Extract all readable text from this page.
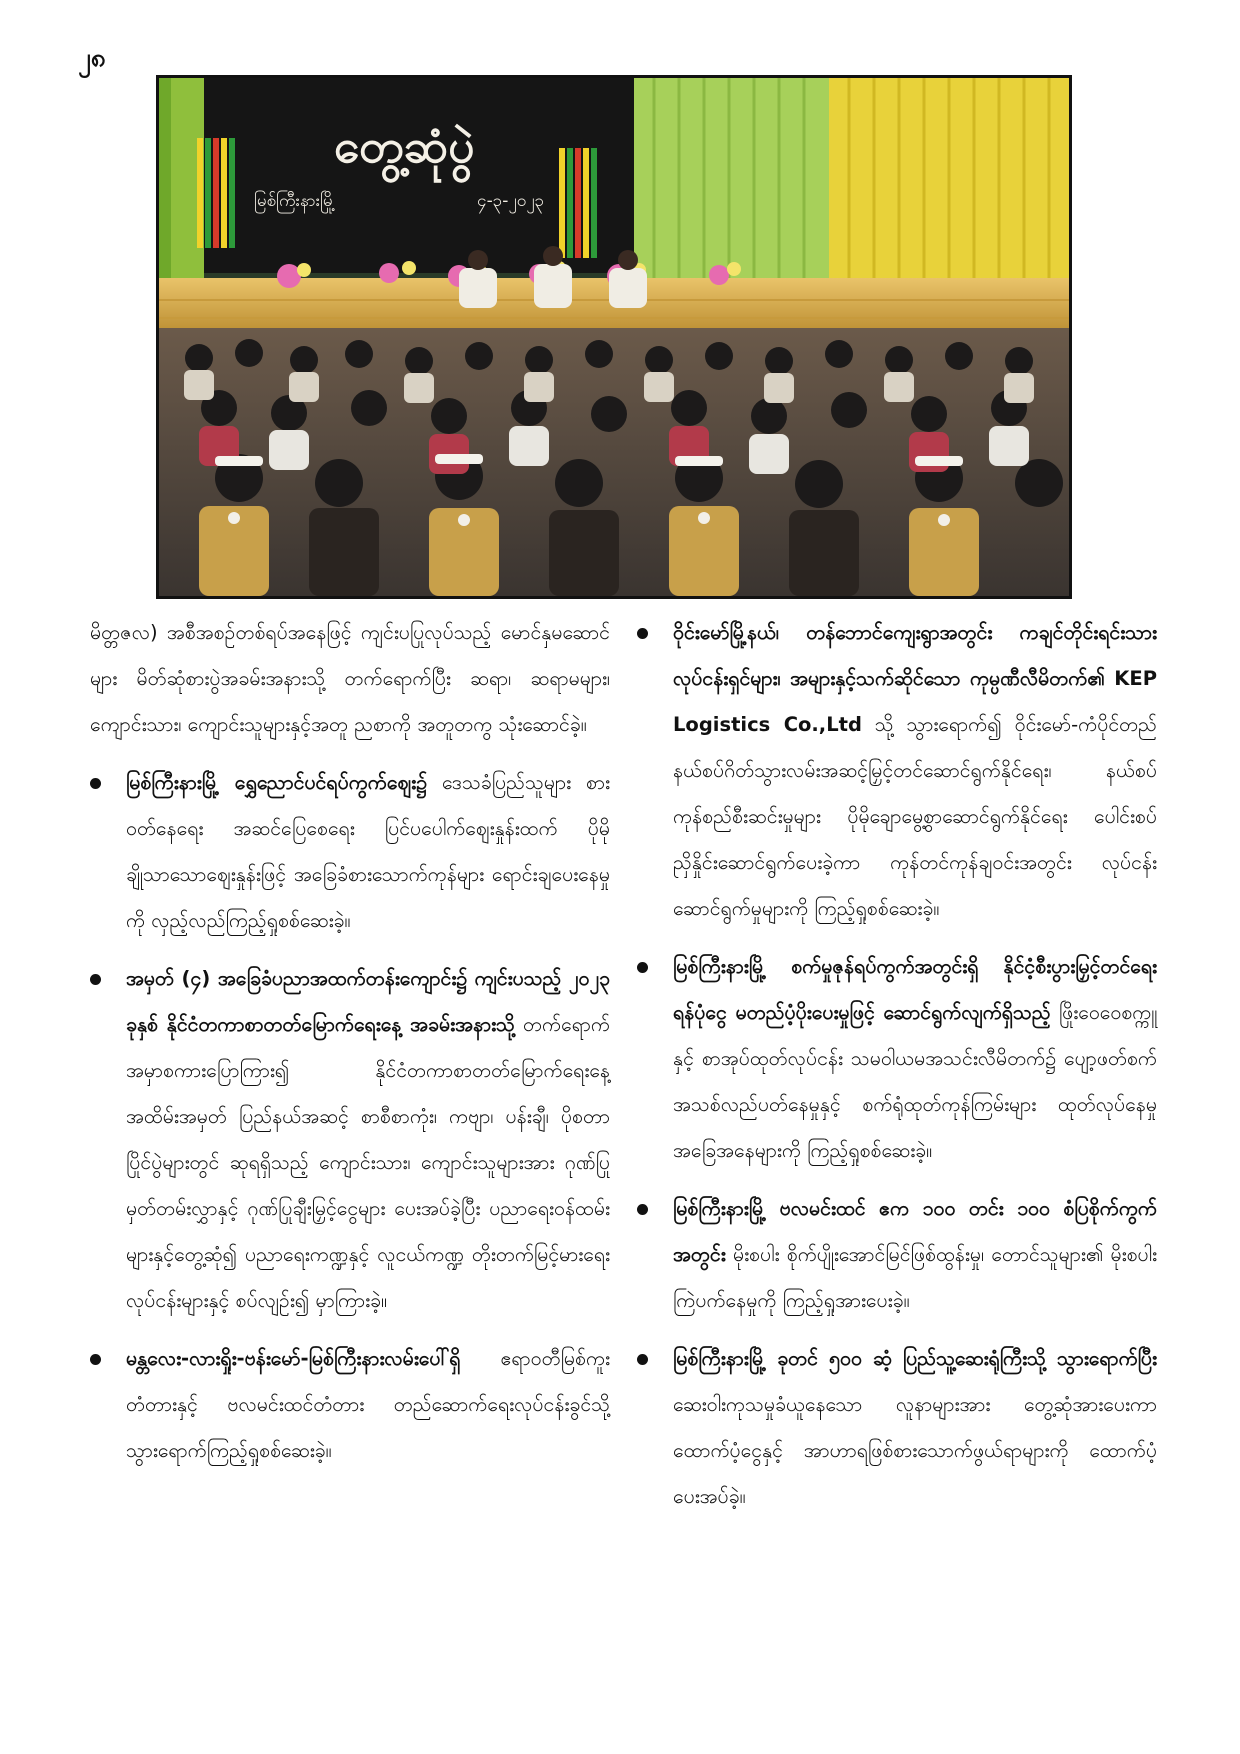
၂၈
တွေ့ဆုံပွဲ
မြစ်ကြီးနားမြို့	၄-၃-၂၀၂၃

မိတ္တဇလ) အစီအစဉ်တစ်ရပ်အနေဖြင့် ကျင်းပပြုလုပ်သည့် မောင်နှမဆောင်များ မိတ်ဆုံစားပွဲအခမ်းအနားသို့ တက်ရောက်ပြီး ဆရာ၊ ဆရာမများ၊ ကျောင်းသား၊ ကျောင်းသူများနှင့်အတူ ညစာကို အတူတကွ သုံးဆောင်ခဲ့။

မြစ်ကြီးနားမြို့ ရွှေညောင်ပင်ရပ်ကွက်ဈေး၌ ဒေသခံပြည်သူများ စားဝတ်နေရေး အဆင်ပြေစေရေး ပြင်ပပေါက်ဈေးနှုန်းထက် ပိုမိုချိုသာသောဈေးနှုန်းဖြင့် အခြေခံစားသောက်ကုန်များ ရောင်းချပေးနေမှုကို လှည့်လည်ကြည့်ရှုစစ်ဆေးခဲ့။
အမှတ် (၄) အခြေခံပညာအထက်တန်းကျောင်း၌ ကျင်းပသည့် ၂၀၂၃ ခုနှစ် နိုင်ငံတကာစာတတ်မြောက်ရေးနေ့ အခမ်းအနားသို့ တက်ရောက်အမှာစကားပြောကြား၍ နိုင်ငံတကာစာတတ်မြောက်ရေးနေ့ အထိမ်းအမှတ် ပြည်နယ်အဆင့် စာစီစာကုံး၊ ကဗျာ၊ ပန်းချီ၊ ပိုစတာပြိုင်ပွဲများတွင် ဆုရရှိသည့် ကျောင်းသား၊ ကျောင်းသူများအား ဂုဏ်ပြုမှတ်တမ်းလွှာနှင့် ဂုဏ်ပြုချီးမြှင့်ငွေများ ပေးအပ်ခဲ့ပြီး ပညာရေးဝန်ထမ်းများနှင့်တွေ့ဆုံ၍ ပညာရေးကဏ္ဍနှင့် လူငယ်ကဏ္ဍ တိုးတက်မြင့်မားရေးလုပ်ငန်းများနှင့် စပ်လျဉ်း၍ မှာကြားခဲ့။
မန္တလေး-လားရှိုး-ဗန်းမော်-မြစ်ကြီးနားလမ်းပေါ်ရှိ ဧရာဝတီမြစ်ကူးတံတားနှင့် ဗလမင်းထင်တံတား တည်ဆောက်ရေးလုပ်ငန်းခွင်သို့ သွားရောက်ကြည့်ရှုစစ်ဆေးခဲ့။
ဝိုင်းမော်မြို့နယ်၊ တန်ဘောင်ကျေးရွာအတွင်း ကချင်တိုင်းရင်းသားလုပ်ငန်းရှင်များ၊ အများနှင့်သက်ဆိုင်သော ကုမ္ပဏီလီမိတက်၏ KEP Logistics Co.,Ltd သို့ သွားရောက်၍ ဝိုင်းမော်-ကံပိုင်တည် နယ်စပ်ဂိတ်သွားလမ်းအဆင့်မြှင့်တင်ဆောင်ရွက်နိုင်ရေး၊ နယ်စပ်ကုန်စည်စီးဆင်းမှုများ ပိုမိုချောမွေ့စွာဆောင်ရွက်နိုင်ရေး ပေါင်းစပ်ညှိနှိုင်းဆောင်ရွက်ပေးခဲ့ကာ ကုန်တင်ကုန်ချဝင်းအတွင်း လုပ်ငန်းဆောင်ရွက်မှုများကို ကြည့်ရှုစစ်ဆေးခဲ့။
မြစ်ကြီးနားမြို့ စက်မှုဇုန်ရပ်ကွက်အတွင်းရှိ နိုင်ငံ့စီးပွားမြှင့်တင်ရေးရန်ပုံငွေ မတည်ပံ့ပိုးပေးမှုဖြင့် ဆောင်ရွက်လျက်ရှိသည့် ဖြိုးဝေဝေစက္ကူနှင့် စာအုပ်ထုတ်လုပ်ငန်း သမဝါယမအသင်းလီမိတက်၌ ပျော့ဖတ်စက်အသစ်လည်ပတ်နေမှုနှင့် စက်ရုံထုတ်ကုန်ကြမ်းများ ထုတ်လုပ်နေမှု အခြေအနေများကို ကြည့်ရှုစစ်ဆေးခဲ့။
မြစ်ကြီးနားမြို့ ဗလမင်းထင် ဧက ၁၀၀ တင်း ၁၀၀ စံပြစိုက်ကွက်အတွင်း မိုးစပါး စိုက်ပျိုးအောင်မြင်ဖြစ်ထွန်းမှု၊ တောင်သူများ၏ မိုးစပါးကြဲပက်နေမှုကို ကြည့်ရှုအားပေးခဲ့။
မြစ်ကြီးနားမြို့ ခုတင် ၅၀၀ ဆံ့ ပြည်သူ့ဆေးရုံကြီးသို့ သွားရောက်ပြီး ဆေးဝါးကုသမှုခံယူနေသော လူနာများအား တွေ့ဆုံအားပေးကာ ထောက်ပံ့ငွေနှင့် အာဟာရဖြစ်စားသောက်ဖွယ်ရာများကို ထောက်ပံ့ပေးအပ်ခဲ့။
